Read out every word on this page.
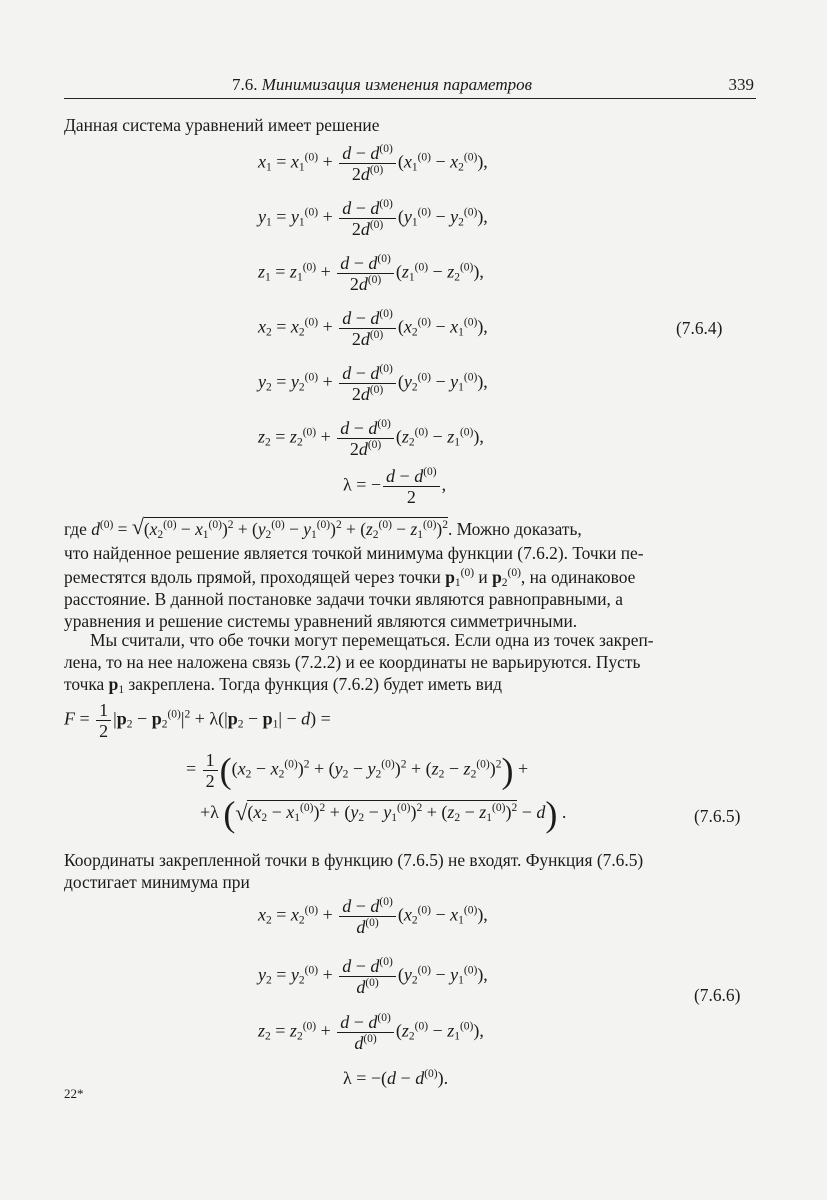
7.6. Минимизация изменения параметров	339
Данная система уравнений имеет решение
$x_1 = x_1^{(0)} + \frac{d - d^{(0)}}{2d^{(0)}} (x_1^{(0)} - x_2^{(0)})$,
$y_1 = y_1^{(0)} + \frac{d - d^{(0)}}{2d^{(0)}} (y_1^{(0)} - y_2^{(0)})$,
$z_1 = z_1^{(0)} + \frac{d - d^{(0)}}{2d^{(0)}} (z_1^{(0)} - z_2^{(0)})$,
$x_2 = x_2^{(0)} + \frac{d - d^{(0)}}{2d^{(0)}} (x_2^{(0)} - x_1^{(0)})$,	(7.6.4)
$y_2 = y_2^{(0)} + \frac{d - d^{(0)}}{2d^{(0)}} (y_2^{(0)} - y_1^{(0)})$,
$z_2 = z_2^{(0)} + \frac{d - d^{(0)}}{2d^{(0)}} (z_2^{(0)} - z_1^{(0)})$,
λ = − $\frac{d - d^{(0)}}{2}$ ,
где $d^{(0)}$ = √ $(x_2^{(0)} - x_1^{(0)})^2 + (y_2^{(0)} - y_1^{(0)})^2 + (z_2^{(0)} - z_1^{(0)})^2$. Можно доказать,
что найденное решение является точкой минимума функции (7.6.2). Точки пе-
реместятся вдоль прямой, проходящей через точки $p_1^{(0)}$ и $p_2^{(0)}$, на одинаковое
расстояние. В данной постановке задачи точки являются равноправными, а
уравнения и решение системы уравнений являются симметричными.
Мы считали, что обе точки могут перемещаться. Если одна из точек закреп-
лена, то на нее наложена связь (7.2.2) и ее координаты не варьируются. Пусть
точка $p_1$ закреплена. Тогда функция (7.6.2) будет иметь вид
$F = \frac{1}{2} |p_2 - p_2^{(0)}|^2 + \lambda(|p_2 - p_1| - d)$ =
= $\frac{1}{2} ((x_2 - x_2^{(0)})^2 + (y_2 - y_2^{(0)})^2 + (z_2 - z_2^{(0)})^2)$ +
+λ ( √ $(x_2 - x_1^{(0)})^2 + (y_2 - y_1^{(0)})^2 + (z_2 - z_1^{(0)})^2 - d$) .	(7.6.5)
Координаты закрепленной точки в функцию (7.6.5) не входят. Функция (7.6.5)
достигает минимума при
$x_2 = x_2^{(0)} + \frac{d - d^{(0)}}{d^{(0)}} (x_2^{(0)} - x_1^{(0)})$,
$y_2 = y_2^{(0)} + \frac{d - d^{(0)}}{d^{(0)}} (y_2^{(0)} - y_1^{(0)})$,
(7.6.6)
$z_2 = z_2^{(0)} + \frac{d - d^{(0)}}{d^{(0)}} (z_2^{(0)} - z_1^{(0)})$,
$\lambda = -(d - d^{(0)})$.
22*
